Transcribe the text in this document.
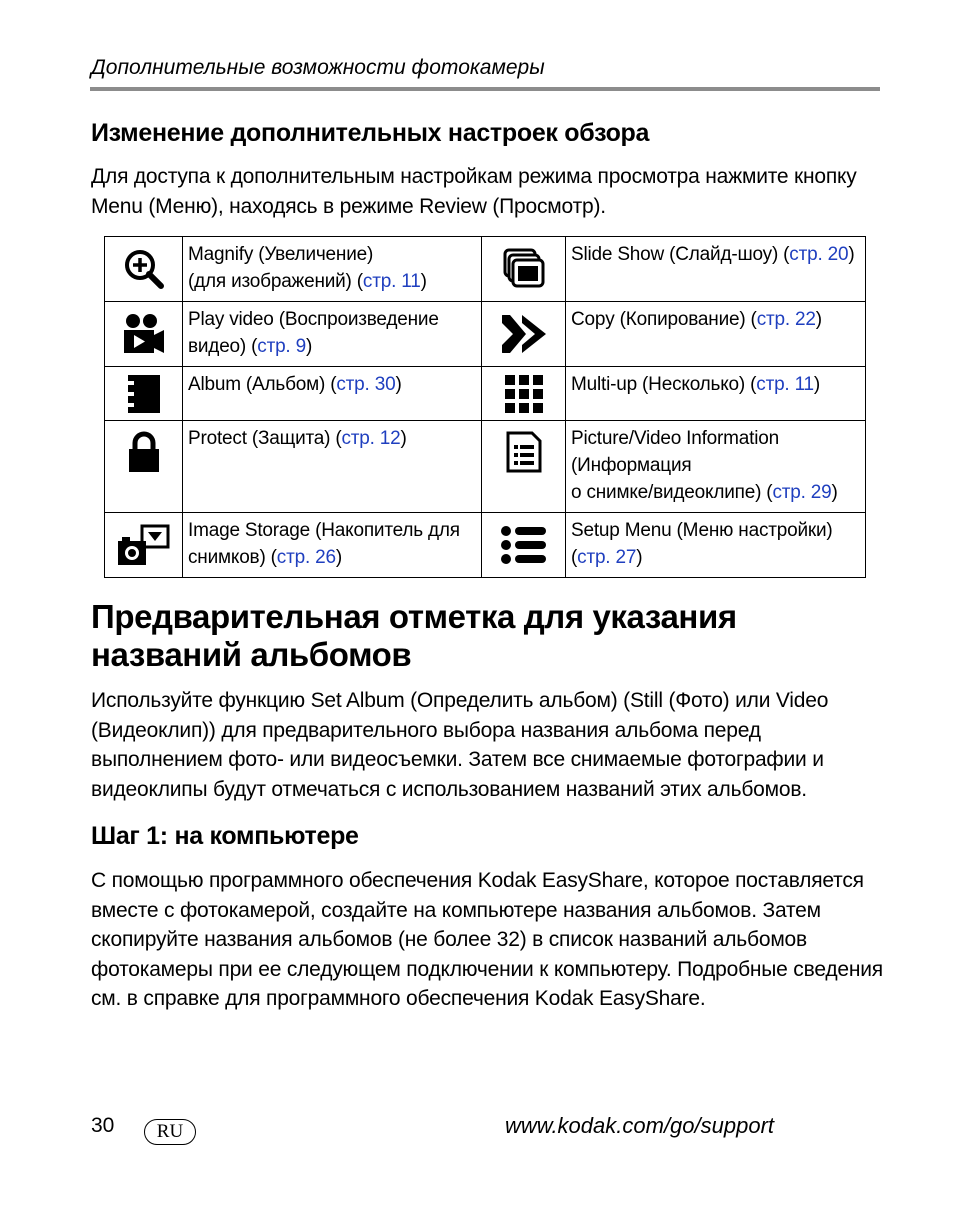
Дополнительные возможности фотокамеры
Изменение дополнительных настроек обзора
Для доступа к дополнительным настройкам режима просмотра нажмите кнопку Menu (Меню), находясь в режиме Review (Просмотр).
	Magnify (Увеличение)
(для изображений) (стр. 11)		Slide Show (Слайд-шоу) (стр. 20)

	Play video (Воспроизведение
видео) (стр. 9)		Copy (Копирование) (стр. 22)

	Album (Альбом) (стр. 30)		Multi-up (Несколько) (стр. 11)

	Protect (Защита) (стр. 12)		Picture/Video Information
(Информация
о снимке/видеоклипе) (стр. 29)

	Image Storage (Накопитель для
снимков) (стр. 26)		Setup Menu (Меню настройки)
(стр. 27)
Предварительная отметка для указания названий альбомов
Используйте функцию Set Album (Определить альбом) (Still (Фото) или Video (Видеоклип)) для предварительного выбора названия альбома перед выполнением фото- или видеосъемки. Затем все снимаемые фотографии и видеоклипы будут отмечаться с использованием названий этих альбомов.
Шаг 1: на компьютере
С помощью программного обеспечения Kodak EasyShare, которое поставляется вместе с фотокамерой, создайте на компьютере названия альбомов. Затем скопируйте названия альбомов (не более 32) в список названий альбомов фотокамеры при ее следующем подключении к компьютеру. Подробные сведения см. в справке для программного обеспечения Kodak EasyShare.
30	RU	www.kodak.com/go/support
